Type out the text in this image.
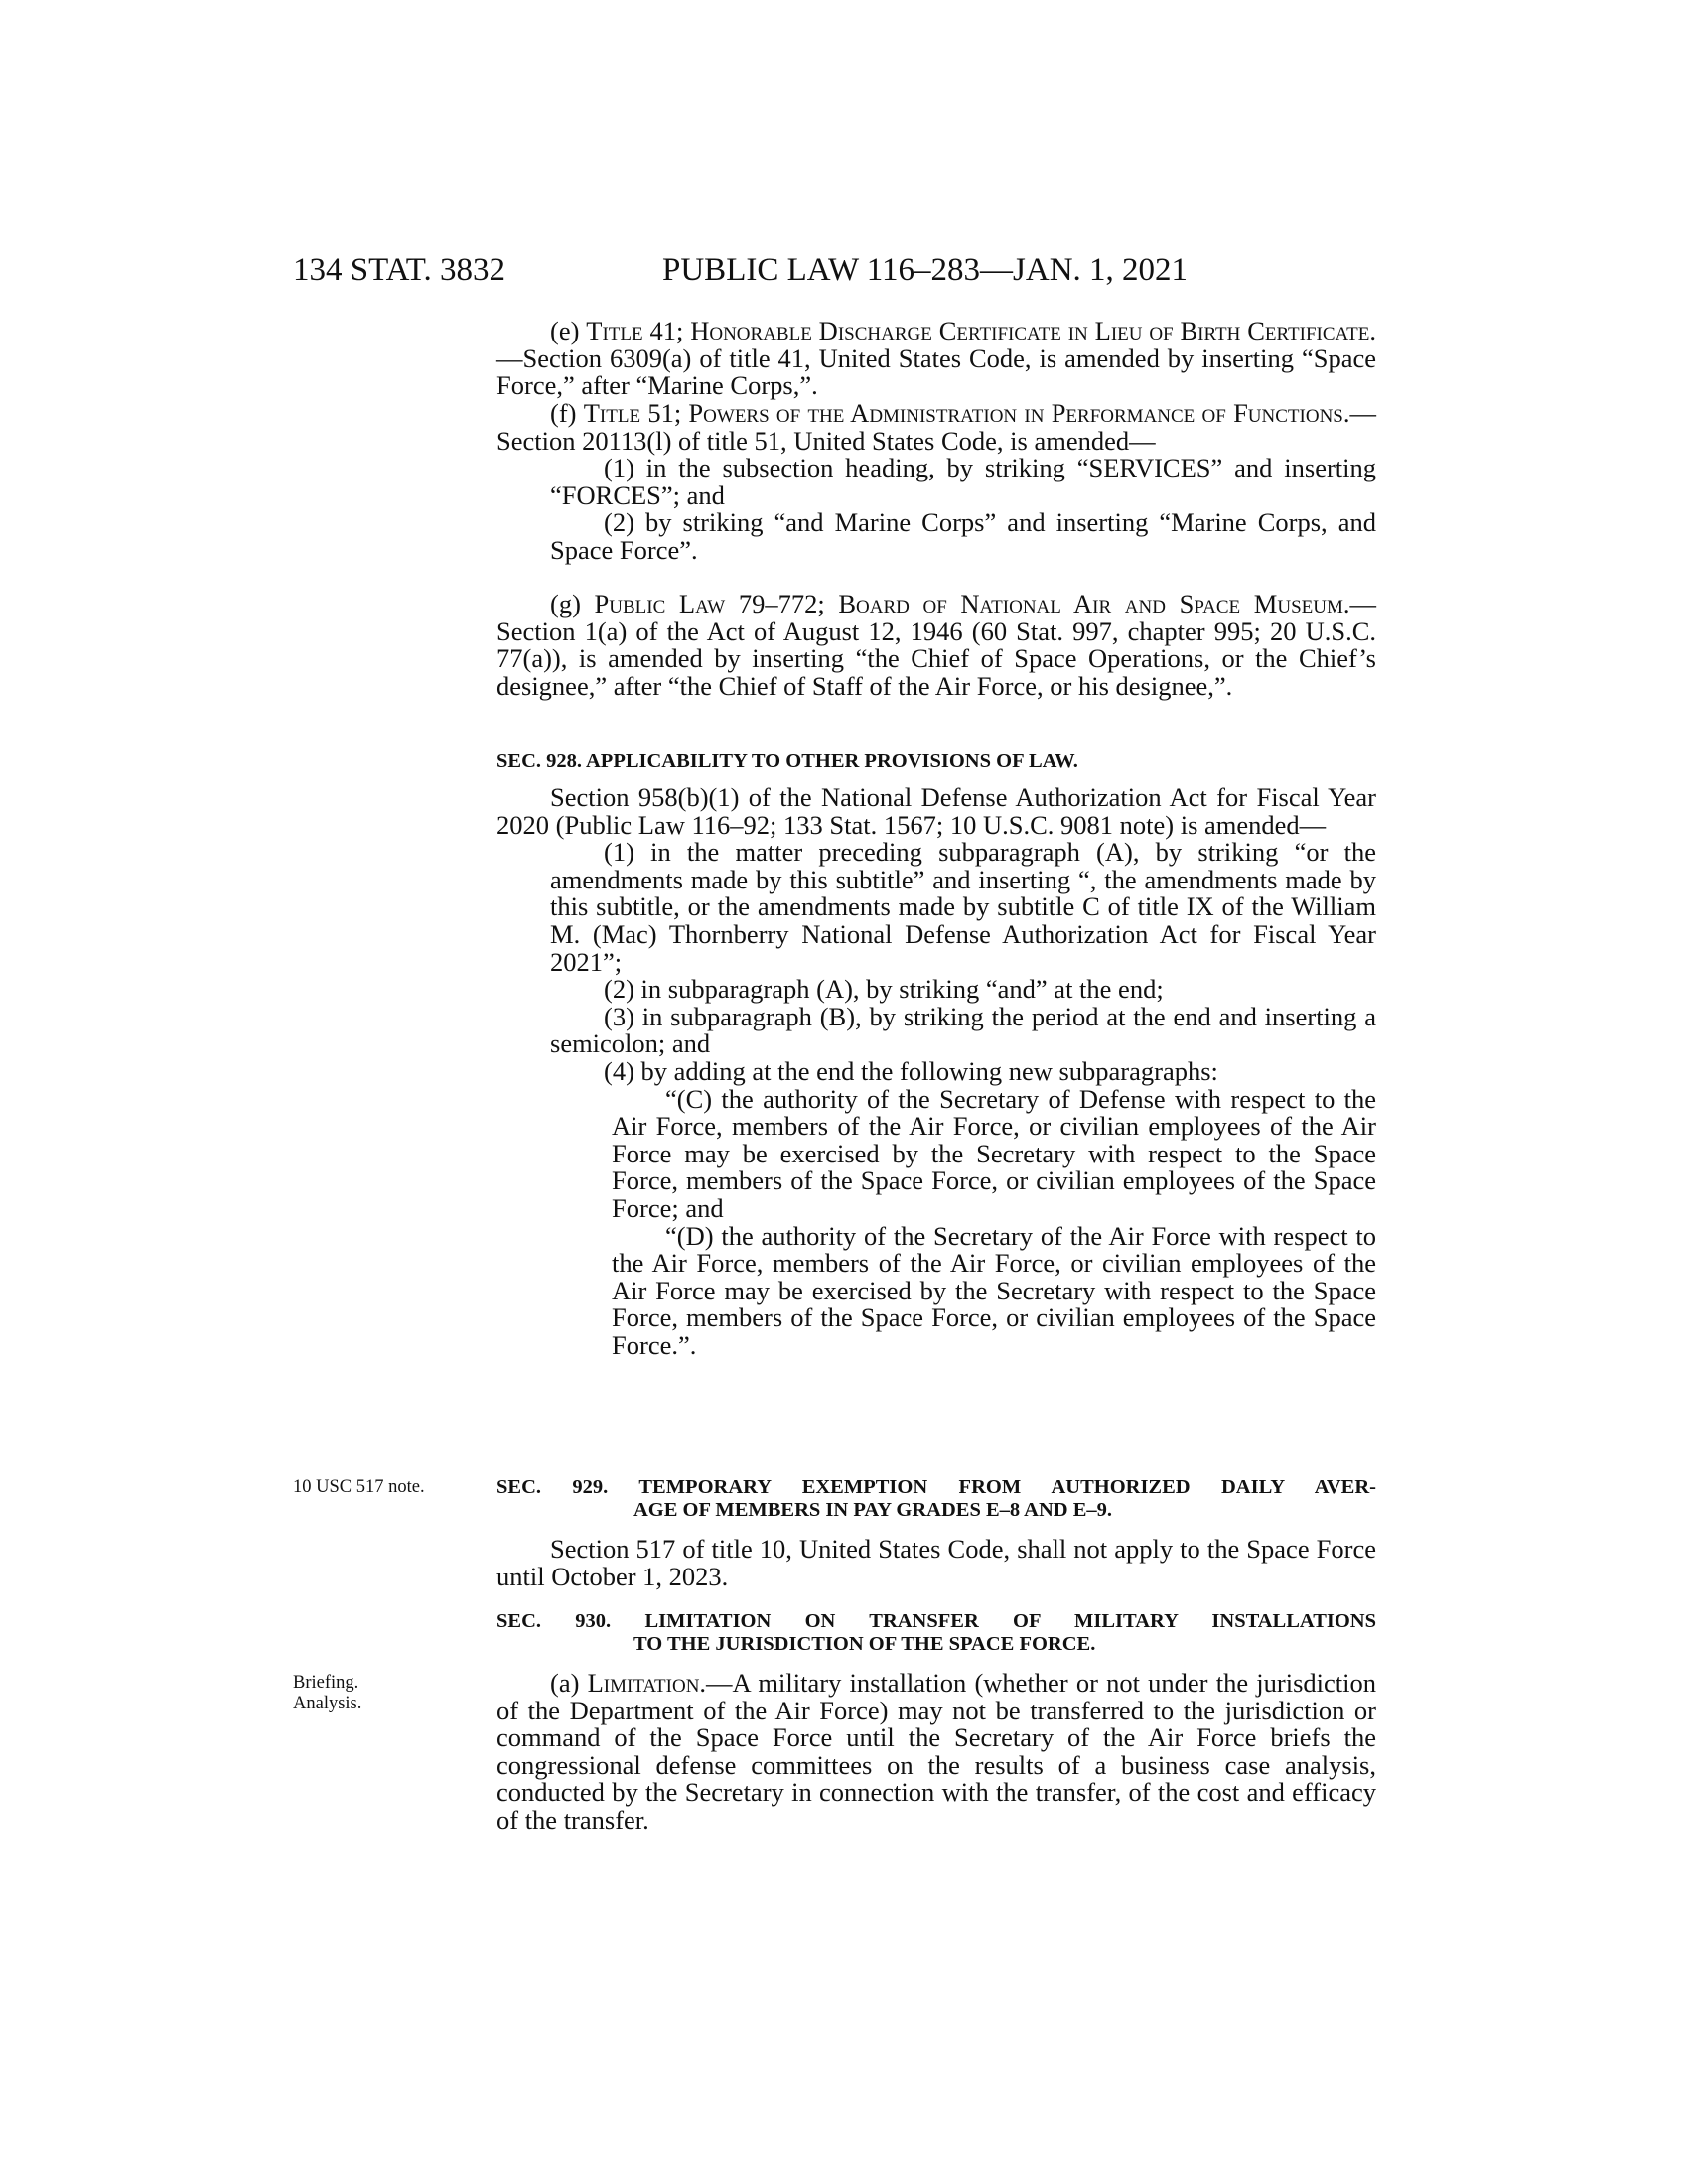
134 STAT. 3832	PUBLIC LAW 116–283—JAN. 1, 2021

(e) Title 41; Honorable Discharge Certificate in Lieu of Birth Certificate.—Section 6309(a) of title 41, United States Code, is amended by inserting “Space Force,” after “Marine Corps,”.

(f) Title 51; Powers of the Administration in Performance of Functions.—Section 20113(l) of title 51, United States Code, is amended—

(1) in the subsection heading, by striking “SERVICES” and inserting “FORCES”; and

(2) by striking “and Marine Corps” and inserting “Marine Corps, and Space Force”.

(g) Public Law 79–772; Board of National Air and Space Museum.—Section 1(a) of the Act of August 12, 1946 (60 Stat. 997, chapter 995; 20 U.S.C. 77(a)), is amended by inserting “the Chief of Space Operations, or the Chief’s designee,” after “the Chief of Staff of the Air Force, or his designee,”.

SEC. 928. APPLICABILITY TO OTHER PROVISIONS OF LAW.

Section 958(b)(1) of the National Defense Authorization Act for Fiscal Year 2020 (Public Law 116–92; 133 Stat. 1567; 10 U.S.C. 9081 note) is amended—

(1) in the matter preceding subparagraph (A), by striking “or the amendments made by this subtitle” and inserting “, the amendments made by this subtitle, or the amendments made by subtitle C of title IX of the William M. (Mac) Thornberry National Defense Authorization Act for Fiscal Year 2021”;

(2) in subparagraph (A), by striking “and” at the end;

(3) in subparagraph (B), by striking the period at the end and inserting a semicolon; and

(4) by adding at the end the following new subparagraphs:

“(C) the authority of the Secretary of Defense with respect to the Air Force, members of the Air Force, or civilian employees of the Air Force may be exercised by the Secretary with respect to the Space Force, members of the Space Force, or civilian employees of the Space Force; and

“(D) the authority of the Secretary of the Air Force with respect to the Air Force, members of the Air Force, or civilian employees of the Air Force may be exercised by the Secretary with respect to the Space Force, members of the Space Force, or civilian employees of the Space Force.”.

10 USC 517 note.	SEC. 929. TEMPORARY EXEMPTION FROM AUTHORIZED DAILY AVER-
AGE OF MEMBERS IN PAY GRADES E–8 AND E–9.

Section 517 of title 10, United States Code, shall not apply to the Space Force until October 1, 2023.

SEC. 930. LIMITATION ON TRANSFER OF MILITARY INSTALLATIONS
TO THE JURISDICTION OF THE SPACE FORCE.

Briefing.
Analysis.

(a) Limitation.—A military installation (whether or not under the jurisdiction of the Department of the Air Force) may not be transferred to the jurisdiction or command of the Space Force until the Secretary of the Air Force briefs the congressional defense committees on the results of a business case analysis, conducted by the Secretary in connection with the transfer, of the cost and efficacy of the transfer.
